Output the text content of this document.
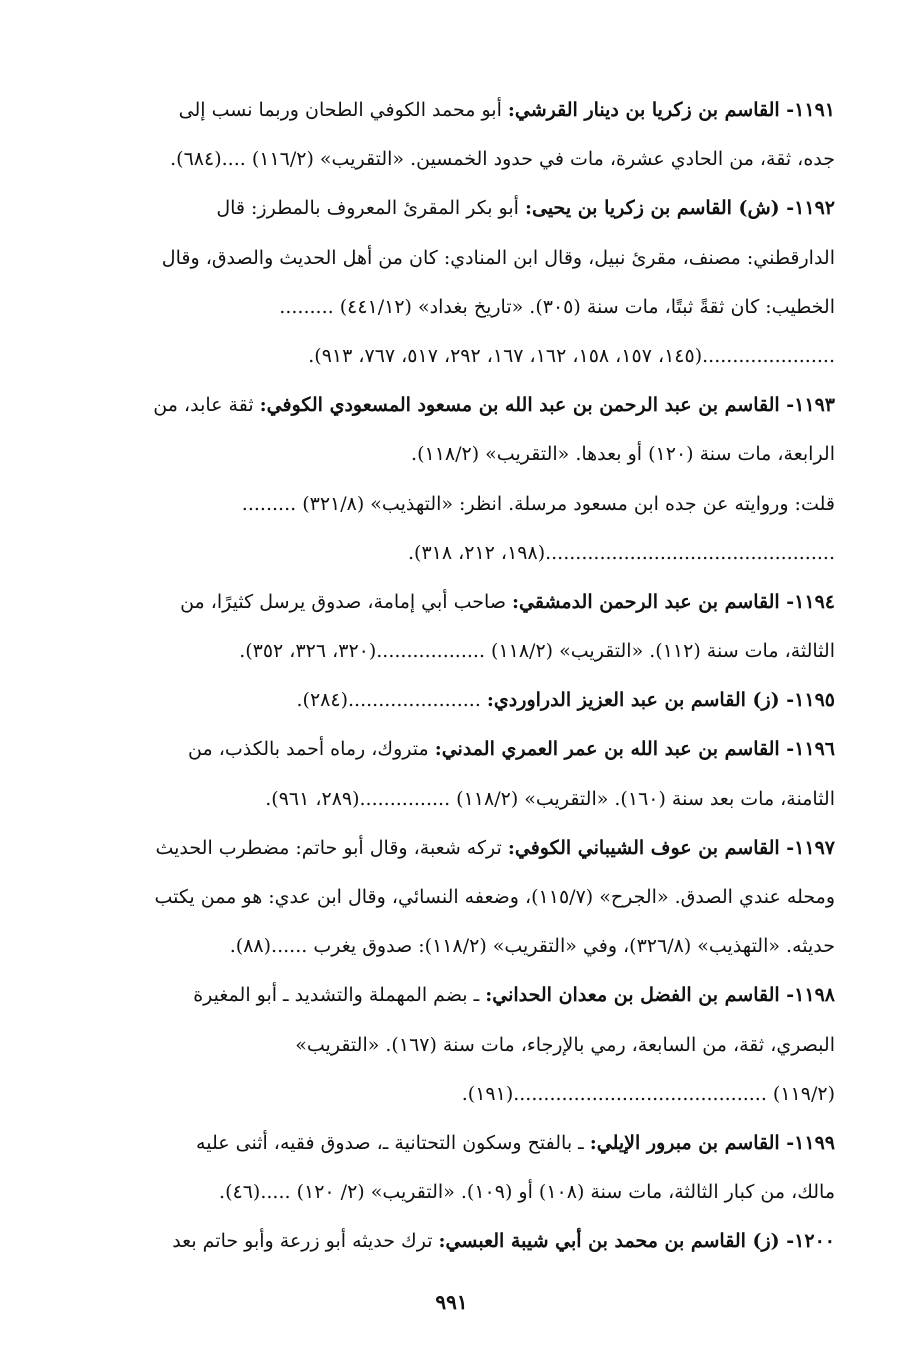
١١٩١- القاسم بن زكريا بن دينار القرشي: أبو محمد الكوفي الطحان وربما نسب إلى
جده، ثقة، من الحادي عشرة، مات في حدود الخمسين. «التقريب» (١١٦/٢) ....(٦٨٤).
١١٩٢- (ش) القاسم بن زكريا بن يحيى: أبو بكر المقرئ المعروف بالمطرز: قال
الدارقطني: مصنف، مقرئ نبيل، وقال ابن المنادي: كان من أهل الحديث والصدق، وقال
الخطيب: كان ثقةً ثبتًا، مات سنة (٣٠٥). «تاريخ بغداد» (٤٤١/١٢) .........
......................(١٤٥، ١٥٧، ١٥٨، ١٦٢، ١٦٧، ٢٩٢، ٥١٧، ٧٦٧، ٩١٣).
١١٩٣- القاسم بن عبد الرحمن بن عبد الله بن مسعود المسعودي الكوفي: ثقة عابد، من
الرابعة، مات سنة (١٢٠) أو بعدها. «التقريب» (١١٨/٢).
قلت: وروايته عن جده ابن مسعود مرسلة. انظر: «التهذيب» (٣٢١/٨) .........
................................................(١٩٨، ٢١٢، ٣١٨).
١١٩٤- القاسم بن عبد الرحمن الدمشقي: صاحب أبي إمامة، صدوق يرسل كثيرًا، من
الثالثة، مات سنة (١١٢). «التقريب» (١١٨/٢) ..................(٣٢٠، ٣٢٦، ٣٥٢).
١١٩٥- (ز) القاسم بن عبد العزيز الدراوردي: ......................(٢٨٤).
١١٩٦- القاسم بن عبد الله بن عمر العمري المدني: متروك، رماه أحمد بالكذب، من
الثامنة، مات بعد سنة (١٦٠). «التقريب» (١١٨/٢) ...............(٢٨٩، ٩٦١).
١١٩٧- القاسم بن عوف الشيباني الكوفي: تركه شعبة، وقال أبو حاتم: مضطرب الحديث
ومحله عندي الصدق. «الجرح» (١١٥/٧)، وضعفه النسائي، وقال ابن عدي: هو ممن يكتب
حديثه. «التهذيب» (٣٢٦/٨)، وفي «التقريب» (١١٨/٢): صدوق يغرب ......(٨٨).
١١٩٨- القاسم بن الفضل بن معدان الحداني: ـ بضم المهملة والتشديد ـ أبو المغيرة
البصري، ثقة، من السابعة، رمي بالإرجاء، مات سنة (١٦٧). «التقريب»
(١١٩/٢) ..........................................(١٩١).
١١٩٩- القاسم بن مبرور الإيلي: ـ بالفتح وسكون التحتانية ـ، صدوق فقيه، أثنى عليه
مالك، من كبار الثالثة، مات سنة (١٠٨) أو (١٠٩). «التقريب» (٢/ ١٢٠) .....(٤٦).
١٢٠٠- (ز) القاسم بن محمد بن أبي شيبة العبسي: ترك حديثه أبو زرعة وأبو حاتم بعد
٩٩١
